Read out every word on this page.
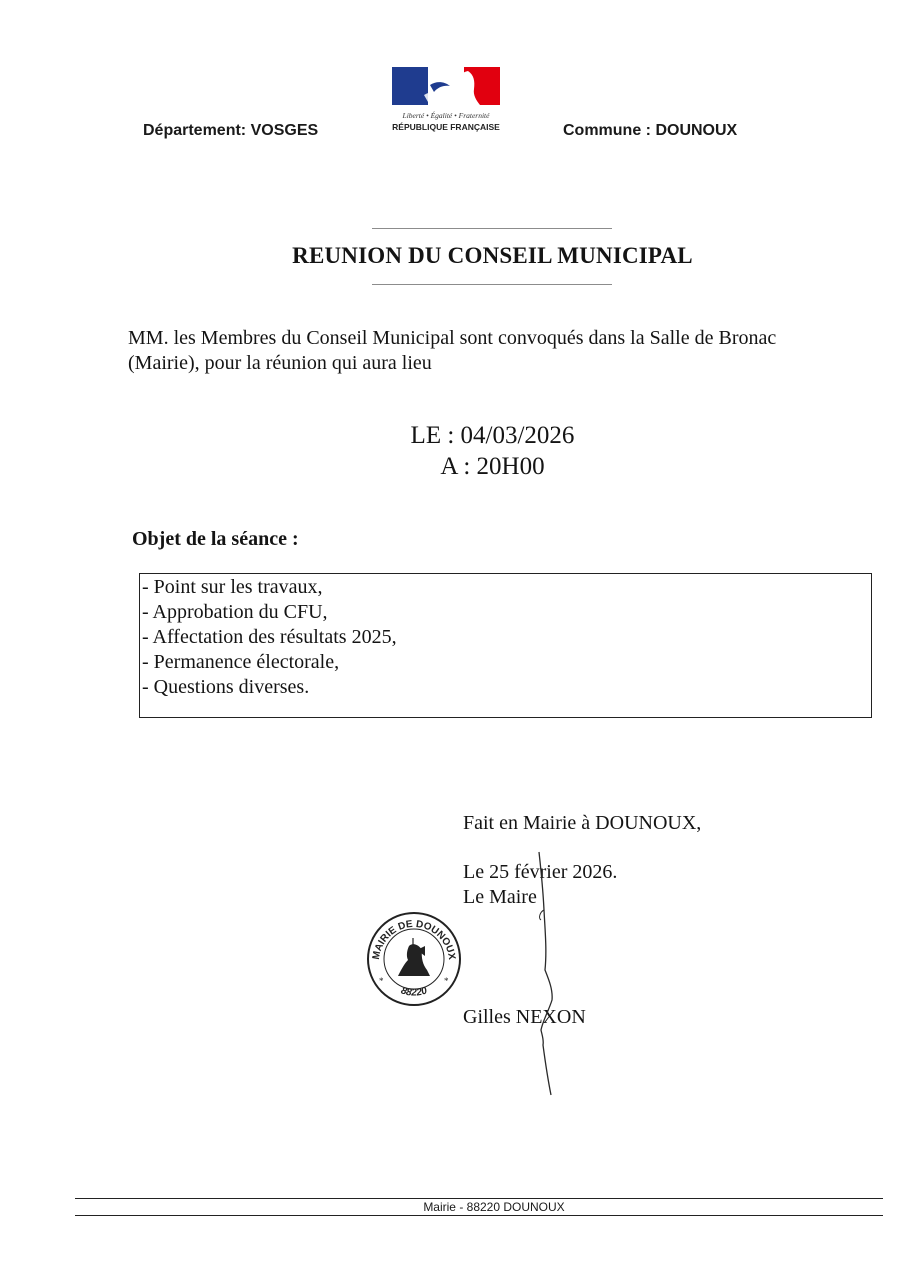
Liberté • Égalité • Fraternité
RÉPUBLIQUE FRANÇAISE
Département: VOSGES	Commune : DOUNOUX
REUNION DU CONSEIL MUNICIPAL
MM. les Membres du Conseil Municipal sont convoqués dans la Salle de Bronac
(Mairie), pour la réunion qui aura lieu
LE : 04/03/2026
A : 20H00
Objet de la séance :
- Point sur les travaux,
- Approbation du CFU,
- Affectation des résultats 2025,
- Permanence électorale,
- Questions diverses.
Fait en Mairie à DOUNOUX,
Le 25 février 2026.
Le Maire
Gilles NEXON
MAIRIE DE DOUNOUX
88220
*	*
Mairie - 88220 DOUNOUX
